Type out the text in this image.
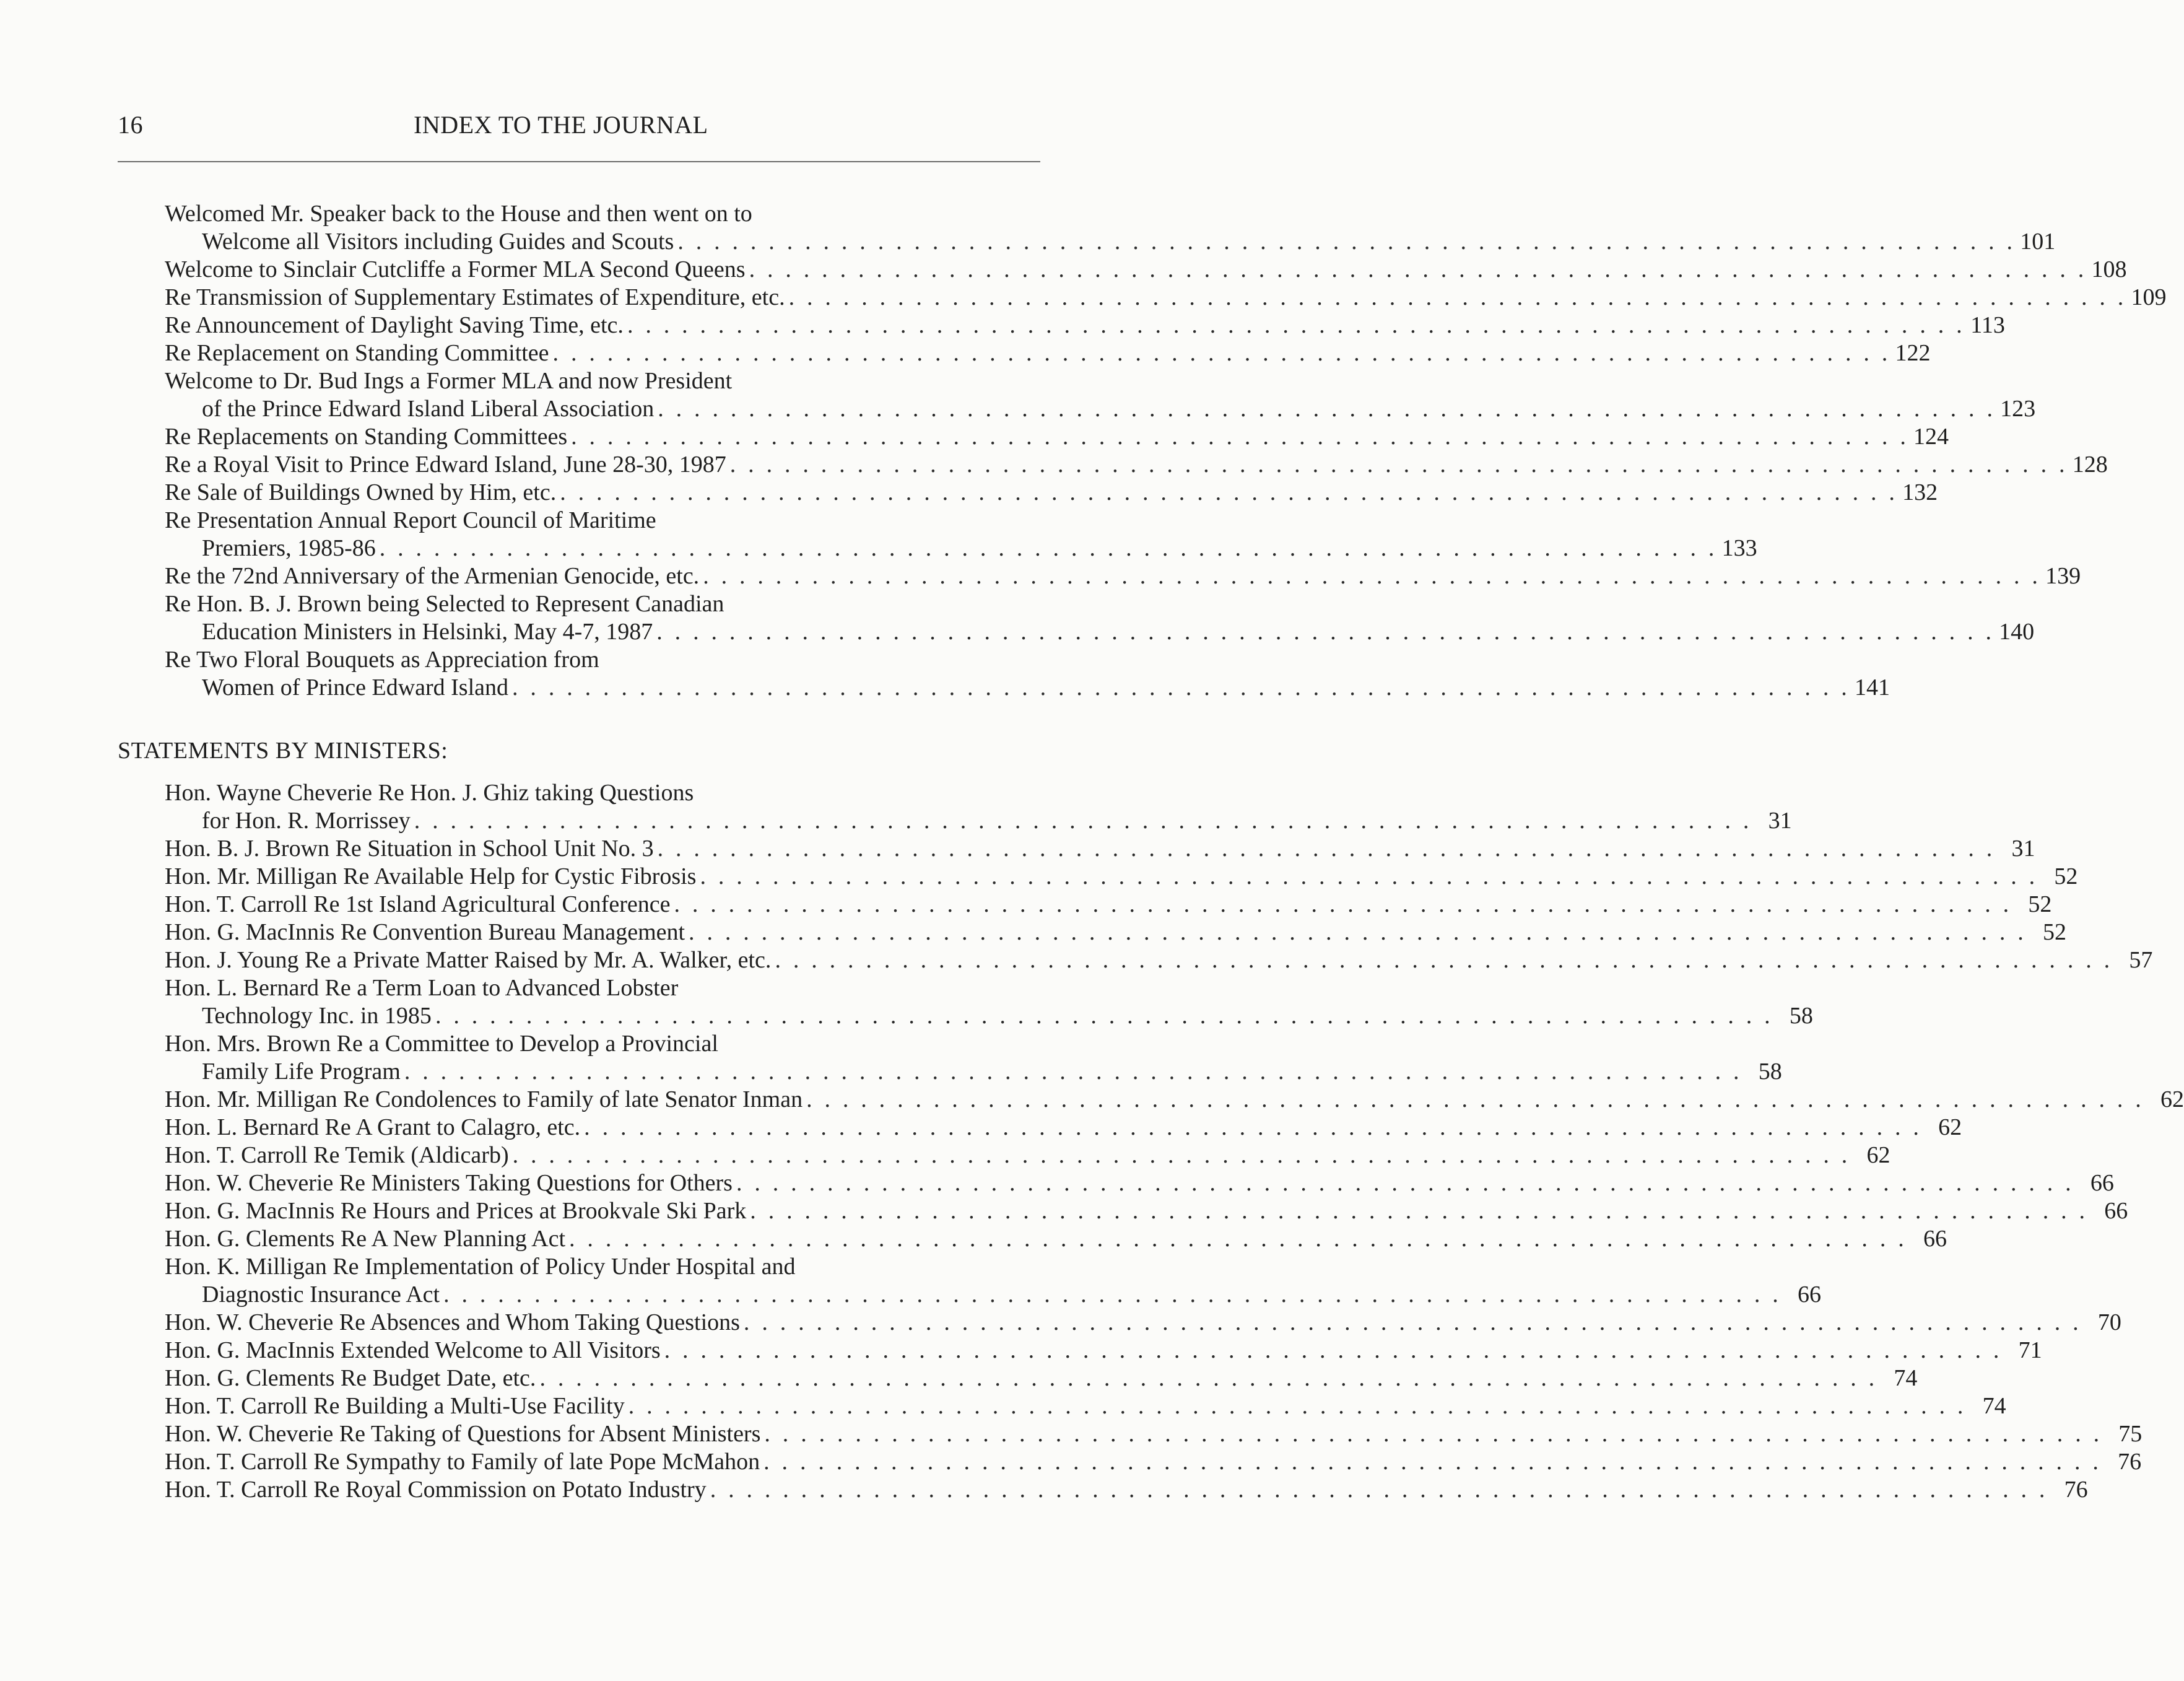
16	INDEX TO THE JOURNAL
Welcomed Mr. Speaker back to the House and then went on to
Welcome all Visitors including Guides and Scouts . . . . . . . . . . . . . . . . . . . . . . . . . . . . . . . . . . . . . . . . . . . . . . . . . . . . . . . . . . . . . . . . . . . . . . . . . . 101
Welcome to Sinclair Cutcliffe a Former MLA Second Queens . . . . . . . . . . . . . . . . . . . . . . . . . . . . . . . . . . . . . . . . . . . . . . . . . . . . . . . . . . . . . . . . . . . . . . . . . . 108
Re Transmission of Supplementary Estimates of Expenditure, etc. . . . . . . . . . . . . . . . . . . . . . . . . . . . . . . . . . . . . . . . . . . . . . . . . . . . . . . . . . . . . . . . . . . . . . . . . . . 109
Re Announcement of Daylight Saving Time, etc. . . . . . . . . . . . . . . . . . . . . . . . . . . . . . . . . . . . . . . . . . . . . . . . . . . . . . . . . . . . . . . . . . . . . . . . . . . 113
Re Replacement on Standing Committee . . . . . . . . . . . . . . . . . . . . . . . . . . . . . . . . . . . . . . . . . . . . . . . . . . . . . . . . . . . . . . . . . . . . . . . . . . 122
Welcome to Dr. Bud Ings a Former MLA and now President
of the Prince Edward Island Liberal Association . . . . . . . . . . . . . . . . . . . . . . . . . . . . . . . . . . . . . . . . . . . . . . . . . . . . . . . . . . . . . . . . . . . . . . . . . . 123
Re Replacements on Standing Committees . . . . . . . . . . . . . . . . . . . . . . . . . . . . . . . . . . . . . . . . . . . . . . . . . . . . . . . . . . . . . . . . . . . . . . . . . . 124
Re a Royal Visit to Prince Edward Island, June 28-30, 1987 . . . . . . . . . . . . . . . . . . . . . . . . . . . . . . . . . . . . . . . . . . . . . . . . . . . . . . . . . . . . . . . . . . . . . . . . . . 128
Re Sale of Buildings Owned by Him, etc. . . . . . . . . . . . . . . . . . . . . . . . . . . . . . . . . . . . . . . . . . . . . . . . . . . . . . . . . . . . . . . . . . . . . . . . . . . 132
Re Presentation Annual Report Council of Maritime
Premiers, 1985-86 . . . . . . . . . . . . . . . . . . . . . . . . . . . . . . . . . . . . . . . . . . . . . . . . . . . . . . . . . . . . . . . . . . . . . . . . . . 133
Re the 72nd Anniversary of the Armenian Genocide, etc. . . . . . . . . . . . . . . . . . . . . . . . . . . . . . . . . . . . . . . . . . . . . . . . . . . . . . . . . . . . . . . . . . . . . . . . . . . 139
Re Hon. B. J. Brown being Selected to Represent Canadian
Education Ministers in Helsinki, May 4-7, 1987 . . . . . . . . . . . . . . . . . . . . . . . . . . . . . . . . . . . . . . . . . . . . . . . . . . . . . . . . . . . . . . . . . . . . . . . . . . 140
Re Two Floral Bouquets as Appreciation from
Women of Prince Edward Island . . . . . . . . . . . . . . . . . . . . . . . . . . . . . . . . . . . . . . . . . . . . . . . . . . . . . . . . . . . . . . . . . . . . . . . . . . 141
STATEMENTS BY MINISTERS:
Hon. Wayne Cheverie Re Hon. J. Ghiz taking Questions
for Hon. R. Morrissey . . . . . . . . . . . . . . . . . . . . . . . . . . . . . . . . . . . . . . . . . . . . . . . . . . . . . . . . . . . . . . . . . . . . . . . . . . 31
Hon. B. J. Brown Re Situation in School Unit No. 3 . . . . . . . . . . . . . . . . . . . . . . . . . . . . . . . . . . . . . . . . . . . . . . . . . . . . . . . . . . . . . . . . . . . . . . . . . . 31
Hon. Mr. Milligan Re Available Help for Cystic Fibrosis . . . . . . . . . . . . . . . . . . . . . . . . . . . . . . . . . . . . . . . . . . . . . . . . . . . . . . . . . . . . . . . . . . . . . . . . . . 52
Hon. T. Carroll Re 1st Island Agricultural Conference . . . . . . . . . . . . . . . . . . . . . . . . . . . . . . . . . . . . . . . . . . . . . . . . . . . . . . . . . . . . . . . . . . . . . . . . . . 52
Hon. G. MacInnis Re Convention Bureau Management . . . . . . . . . . . . . . . . . . . . . . . . . . . . . . . . . . . . . . . . . . . . . . . . . . . . . . . . . . . . . . . . . . . . . . . . . . 52
Hon. J. Young Re a Private Matter Raised by Mr. A. Walker, etc. . . . . . . . . . . . . . . . . . . . . . . . . . . . . . . . . . . . . . . . . . . . . . . . . . . . . . . . . . . . . . . . . . . . . . . . . . . 57
Hon. L. Bernard Re a Term Loan to Advanced Lobster
Technology Inc. in 1985 . . . . . . . . . . . . . . . . . . . . . . . . . . . . . . . . . . . . . . . . . . . . . . . . . . . . . . . . . . . . . . . . . . . . . . . . . . 58
Hon. Mrs. Brown Re a Committee to Develop a Provincial
Family Life Program . . . . . . . . . . . . . . . . . . . . . . . . . . . . . . . . . . . . . . . . . . . . . . . . . . . . . . . . . . . . . . . . . . . . . . . . . . 58
Hon. Mr. Milligan Re Condolences to Family of late Senator Inman . . . . . . . . . . . . . . . . . . . . . . . . . . . . . . . . . . . . . . . . . . . . . . . . . . . . . . . . . . . . . . . . . . . . . . . . . . 62
Hon. L. Bernard Re A Grant to Calagro, etc. . . . . . . . . . . . . . . . . . . . . . . . . . . . . . . . . . . . . . . . . . . . . . . . . . . . . . . . . . . . . . . . . . . . . . . . . . . 62
Hon. T. Carroll Re Temik (Aldicarb) . . . . . . . . . . . . . . . . . . . . . . . . . . . . . . . . . . . . . . . . . . . . . . . . . . . . . . . . . . . . . . . . . . . . . . . . . . 62
Hon. W. Cheverie Re Ministers Taking Questions for Others . . . . . . . . . . . . . . . . . . . . . . . . . . . . . . . . . . . . . . . . . . . . . . . . . . . . . . . . . . . . . . . . . . . . . . . . . . 66
Hon. G. MacInnis Re Hours and Prices at Brookvale Ski Park . . . . . . . . . . . . . . . . . . . . . . . . . . . . . . . . . . . . . . . . . . . . . . . . . . . . . . . . . . . . . . . . . . . . . . . . . . 66
Hon. G. Clements Re A New Planning Act . . . . . . . . . . . . . . . . . . . . . . . . . . . . . . . . . . . . . . . . . . . . . . . . . . . . . . . . . . . . . . . . . . . . . . . . . . 66
Hon. K. Milligan Re Implementation of Policy Under Hospital and
Diagnostic Insurance Act . . . . . . . . . . . . . . . . . . . . . . . . . . . . . . . . . . . . . . . . . . . . . . . . . . . . . . . . . . . . . . . . . . . . . . . . . . 66
Hon. W. Cheverie Re Absences and Whom Taking Questions . . . . . . . . . . . . . . . . . . . . . . . . . . . . . . . . . . . . . . . . . . . . . . . . . . . . . . . . . . . . . . . . . . . . . . . . . . 70
Hon. G. MacInnis Extended Welcome to All Visitors . . . . . . . . . . . . . . . . . . . . . . . . . . . . . . . . . . . . . . . . . . . . . . . . . . . . . . . . . . . . . . . . . . . . . . . . . . 71
Hon. G. Clements Re Budget Date, etc. . . . . . . . . . . . . . . . . . . . . . . . . . . . . . . . . . . . . . . . . . . . . . . . . . . . . . . . . . . . . . . . . . . . . . . . . . . 74
Hon. T. Carroll Re Building a Multi-Use Facility . . . . . . . . . . . . . . . . . . . . . . . . . . . . . . . . . . . . . . . . . . . . . . . . . . . . . . . . . . . . . . . . . . . . . . . . . . 74
Hon. W. Cheverie Re Taking of Questions for Absent Ministers . . . . . . . . . . . . . . . . . . . . . . . . . . . . . . . . . . . . . . . . . . . . . . . . . . . . . . . . . . . . . . . . . . . . . . . . . . 75
Hon. T. Carroll Re Sympathy to Family of late Pope McMahon . . . . . . . . . . . . . . . . . . . . . . . . . . . . . . . . . . . . . . . . . . . . . . . . . . . . . . . . . . . . . . . . . . . . . . . . . . 76
Hon. T. Carroll Re Royal Commission on Potato Industry . . . . . . . . . . . . . . . . . . . . . . . . . . . . . . . . . . . . . . . . . . . . . . . . . . . . . . . . . . . . . . . . . . . . . . . . . . 76
